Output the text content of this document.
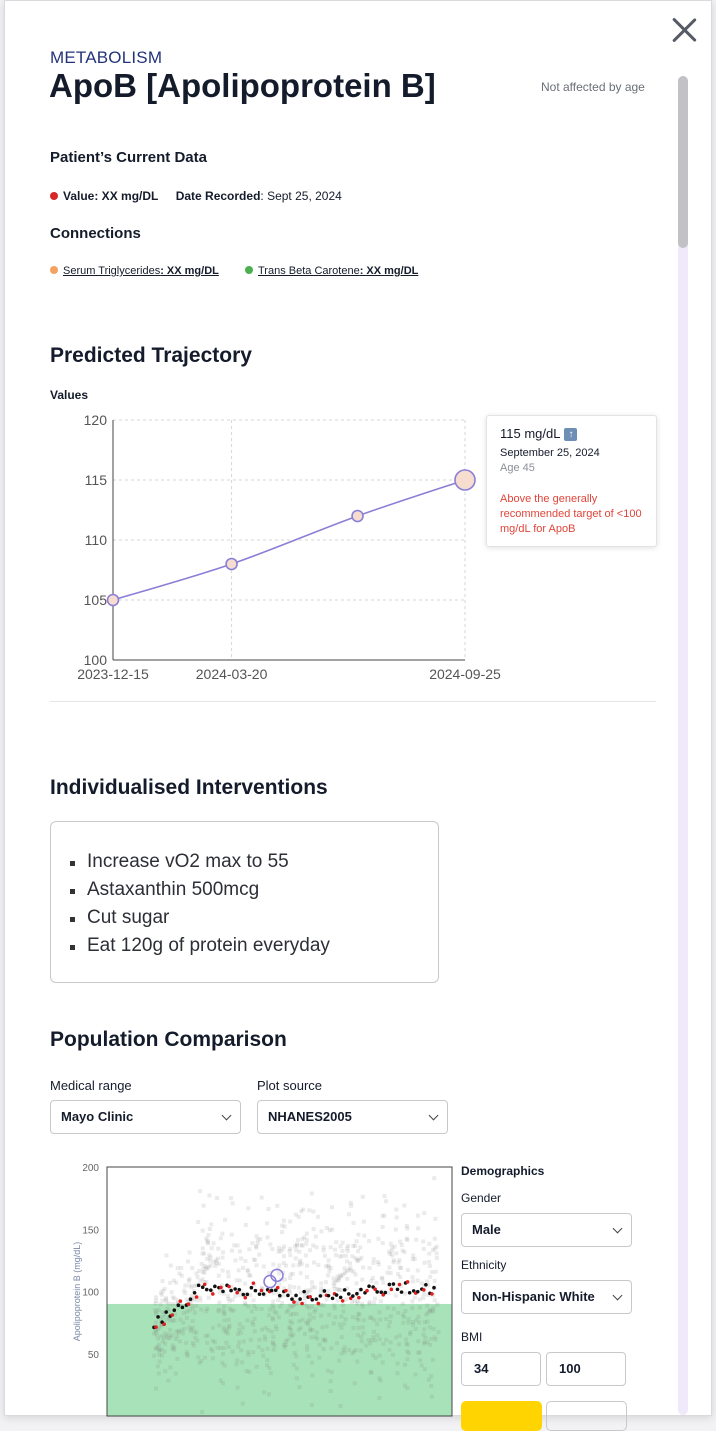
METABOLISM
ApoB [Apolipoprotein B]	Not affected by age
Patient’s Current Data
Value: XX mg/DL Date Recorded: Sept 25, 2024
Connections
Serum Triglycerides: XX mg/DL	Trans Beta Carotene: XX mg/DL
Predicted Trajectory
Values
100
105
110
115
120
2023-12-15	2024-03-20	2024-09-25
115 mg/dL ↑
September 25, 2024
Age 45
Above the generally recommended target of <100 mg/dL for ApoB
Individualised Interventions
Increase vO2 max to 55
Astaxanthin 500mcg
Cut sugar
Eat 120g of protein everyday
Population Comparison
Medical range
Mayo Clinic
Plot source
NHANES2005
50
100
150
200
Apolipoprotein B (mg/dL)
Demographics
Gender
Male
Ethnicity
Non-Hispanic White
BMI
34	100
